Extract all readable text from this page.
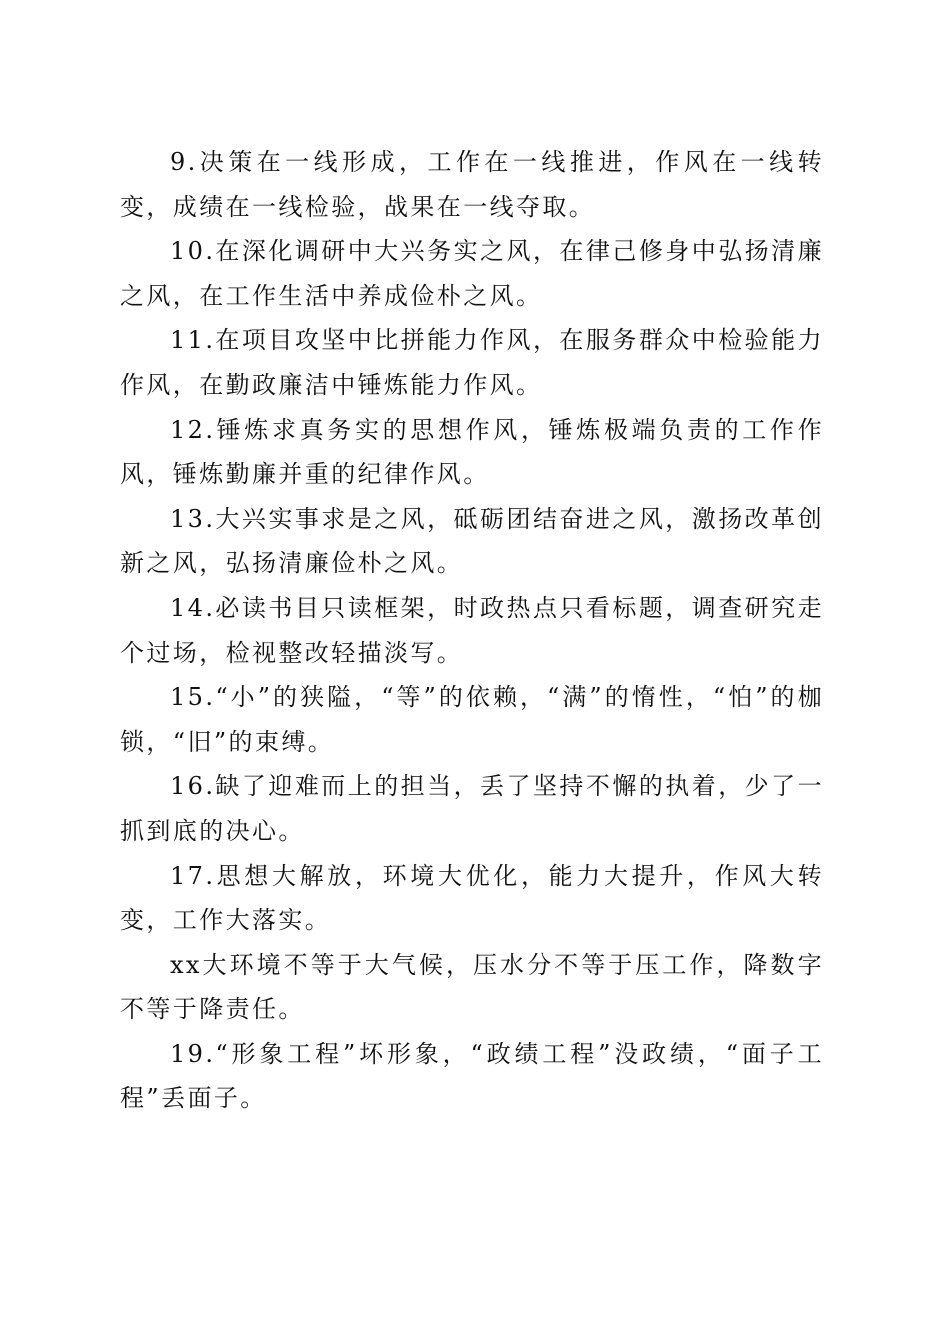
9.决策在一线形成，工作在一线推进，作风在一线转变，成绩在一线检验，战果在一线夺取。

10.在深化调研中大兴务实之风，在律己修身中弘扬清廉之风，在工作生活中养成俭朴之风。

11.在项目攻坚中比拼能力作风，在服务群众中检验能力作风，在勤政廉洁中锤炼能力作风。

12.锤炼求真务实的思想作风，锤炼极端负责的工作作风，锤炼勤廉并重的纪律作风。

13.大兴实事求是之风，砥砺团结奋进之风，激扬改革创新之风，弘扬清廉俭朴之风。

14.必读书目只读框架，时政热点只看标题，调查研究走个过场，检视整改轻描淡写。

15.“小”的狭隘，“等”的依赖，“满”的惰性，“怕”的枷锁，“旧”的束缚。

16.缺了迎难而上的担当，丢了坚持不懈的执着，少了一抓到底的决心。

17.思想大解放，环境大优化，能力大提升，作风大转变，工作大落实。

xx大环境不等于大气候，压水分不等于压工作，降数字不等于降责任。

19.“形象工程”坏形象，“政绩工程”没政绩，“面子工程”丢面子。
